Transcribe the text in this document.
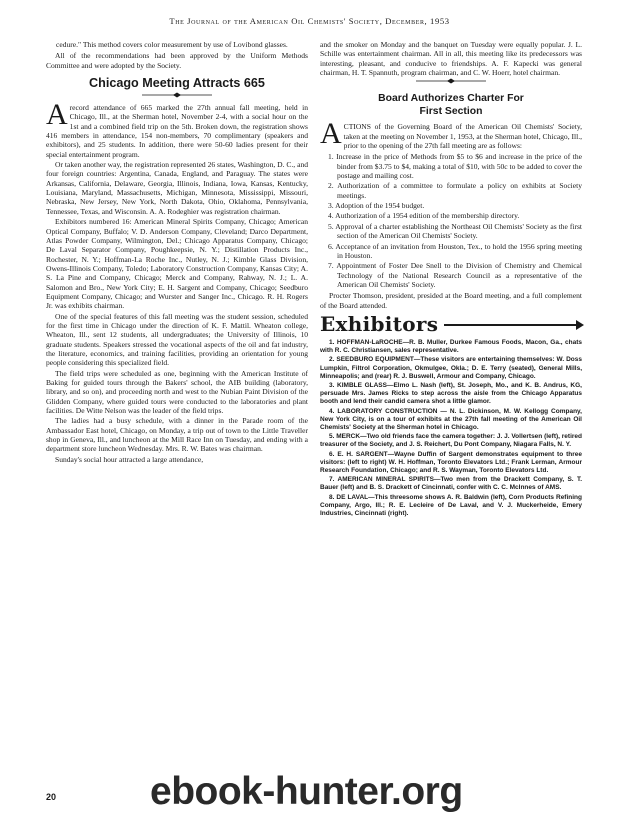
The Journal of the American Oil Chemists' Society, December, 1953

cedure." This method covers color measurement by use of Lovibond glasses.

All of the recommendations had been approved by the Uniform Methods Committee and were adopted by the Society.

Chicago Meeting Attracts 665

Arecord attendance of 665 marked the 27th annual fall meeting, held in Chicago, Ill., at the Sherman hotel, November 2-4, with a social hour on the 1st and a combined field trip on the 5th. Broken down, the registration shows 416 members in attendance, 154 non-members, 70 complimentary (speakers and exhibitors), and 25 students. In addition, there were 50-60 ladies present for their special entertainment program.

Or taken another way, the registration represented 26 states, Washington, D. C., and four foreign countries: Argentina, Canada, England, and Paraguay. The states were Arkansas, California, Delaware, Georgia, Illinois, Indiana, Iowa, Kansas, Kentucky, Louisiana, Maryland, Massachusetts, Michigan, Minnesota, Mississippi, Missouri, Nebraska, New Jersey, New York, North Dakota, Ohio, Oklahoma, Pennsylvania, Tennessee, Texas, and Wisconsin. A. A. Rodeghier was registration chairman.

Exhibitors numbered 16: American Mineral Spirits Company, Chicago; American Optical Company, Buffalo; V. D. Anderson Company, Cleveland; Darco Department, Atlas Powder Company, Wilmington, Del.; Chicago Apparatus Company, Chicago; De Laval Separator Company, Poughkeepsie, N. Y.; Distillation Products Inc., Rochester, N. Y.; Hoffman-La Roche Inc., Nutley, N. J.; Kimble Glass Division, Owens-Illinois Company, Toledo; Laboratory Construction Company, Kansas City; A. S. La Pine and Company, Chicago; Merck and Company, Rahway, N. J.; L. A. Salomon and Bro., New York City; E. H. Sargent and Company, Chicago; Seedburo Equipment Company, Chicago; and Wurster and Sanger Inc., Chicago. R. H. Rogers Jr. was exhibits chairman.

One of the special features of this fall meeting was the student session, scheduled for the first time in Chicago under the direction of K. F. Mattil. Wheaton college, Wheaton, Ill., sent 12 students, all undergraduates; the University of Illinois, 10 graduate students. Speakers stressed the vocational aspects of the oil and fat industry, the literature, economics, and training facilities, providing an orientation for young people considering this specialized field.

The field trips were scheduled as one, beginning with the American Institute of Baking for guided tours through the Bakers' school, the AIB building (laboratory, library, and so on), and proceeding north and west to the Nubian Paint Division of the Glidden Company, where guided tours were conducted to the laboratories and plant facilities. De Witte Nelson was the leader of the field trips.

The ladies had a busy schedule, with a dinner in the Parade room of the Ambassador East hotel, Chicago, on Monday, a trip out of town to the Little Traveller shop in Geneva, Ill., and luncheon at the Mill Race Inn on Tuesday, and ending with a department store luncheon Wednesday. Mrs. R. W. Bates was chairman.

Sunday's social hour attracted a large attendance,

and the smoker on Monday and the banquet on Tuesday were equally popular. J. L. Schille was entertainment chairman. All in all, this meeting like its predecessors was interesting, pleasant, and conducive to friendships. A. F. Kapecki was general chairman, H. T. Spannuth, program chairman, and C. W. Hoerr, hotel chairman.

Board Authorizes Charter For
First Section

ACTIONS of the Governing Board of the American Oil Chemists' Society, taken at the meeting on November 1, 1953, at the Sherman hotel, Chicago, Ill., prior to the opening of the 27th fall meeting are as follows:

1. Increase in the price of Methods from $5 to $6 and increase in the price of the binder from $3.75 to $4, making a total of $10, with 50c to be added to cover the postage and mailing cost.

2. Authorization of a committee to formulate a policy on exhibits at Society meetings.

3. Adoption of the 1954 budget.

4. Authorization of a 1954 edition of the membership directory.

5. Approval of a charter establishing the Northeast Oil Chemists' Society as the first section of the American Oil Chemists' Society.

6. Acceptance of an invitation from Houston, Tex., to hold the 1956 spring meeting in Houston.

7. Appointment of Foster Dee Snell to the Division of Chemistry and Chemical Technology of the National Research Council as a representative of the American Oil Chemists' Society.

Procter Thomson, president, presided at the Board meeting, and a full complement of the Board attended.

Exhibitors

1. HOFFMAN-LaROCHE—R. B. Muller, Durkee Famous Foods, Macon, Ga., chats with R. C. Christiansen, sales representative.

2. SEEDBURO EQUIPMENT—These visitors are entertaining themselves: W. Doss Lumpkin, Filtrol Corporation, Okmulgee, Okla.; D. E. Terry (seated), General Mills, Minneapolis; and (rear) R. J. Buswell, Armour and Company, Chicago.

3. KIMBLE GLASS—Elmo L. Nash (left), St. Joseph, Mo., and K. B. Andrus, KG, persuade Mrs. James Ricks to step across the aisle from the Chicago Apparatus booth and lend their candid camera shot a little glamor.

4. LABORATORY CONSTRUCTION — N. L. Dickinson, M. W. Kellogg Company, New York City, is on a tour of exhibits at the 27th fall meeting of the American Oil Chemists' Society at the Sherman hotel in Chicago.

5. MERCK—Two old friends face the camera together: J. J. Vollertsen (left), retired treasurer of the Society, and J. S. Reichert, Du Pont Company, Niagara Falls, N. Y.

6. E. H. SARGENT—Wayne Duffin of Sargent demonstrates equipment to three visitors: (left to right) W. H. Hoffman, Toronto Elevators Ltd.; Frank Lerman, Armour Research Foundation, Chicago; and R. S. Wayman, Toronto Elevators Ltd.

7. AMERICAN MINERAL SPIRITS—Two men from the Drackett Company, S. T. Bauer (left) and B. S. Drackett of Cincinnati, confer with C. C. McInnes of AMS.

8. DE LAVAL—This threesome shows A. R. Baldwin (left), Corn Products Refining Company, Argo, Ill.; R. E. Lecleire of De Laval, and V. J. Muckerheide, Emery Industries, Cincinnati (right).

20 ebook-hunter.org
